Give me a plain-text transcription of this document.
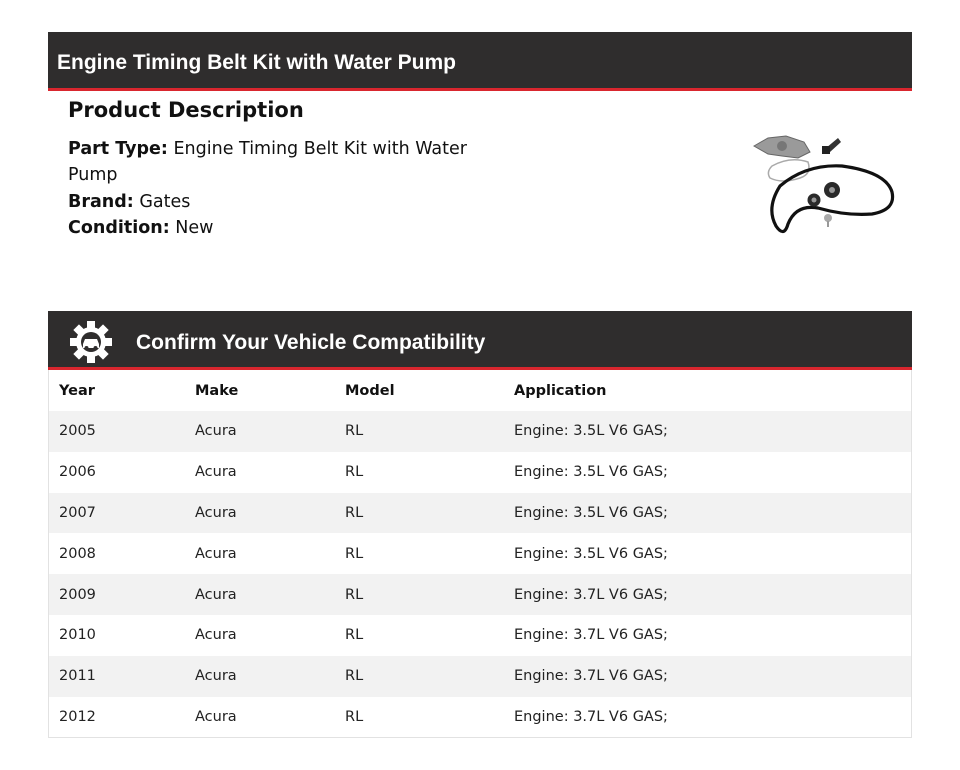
Engine Timing Belt Kit with Water Pump
Product Description
Part Type: Engine Timing Belt Kit with Water Pump
Brand: Gates
Condition: New
Confirm Your Vehicle Compatibility
Year	Make	Model	Application
2005	Acura	RL	Engine: 3.5L V6 GAS;
2006	Acura	RL	Engine: 3.5L V6 GAS;
2007	Acura	RL	Engine: 3.5L V6 GAS;
2008	Acura	RL	Engine: 3.5L V6 GAS;
2009	Acura	RL	Engine: 3.7L V6 GAS;
2010	Acura	RL	Engine: 3.7L V6 GAS;
2011	Acura	RL	Engine: 3.7L V6 GAS;
2012	Acura	RL	Engine: 3.7L V6 GAS;
